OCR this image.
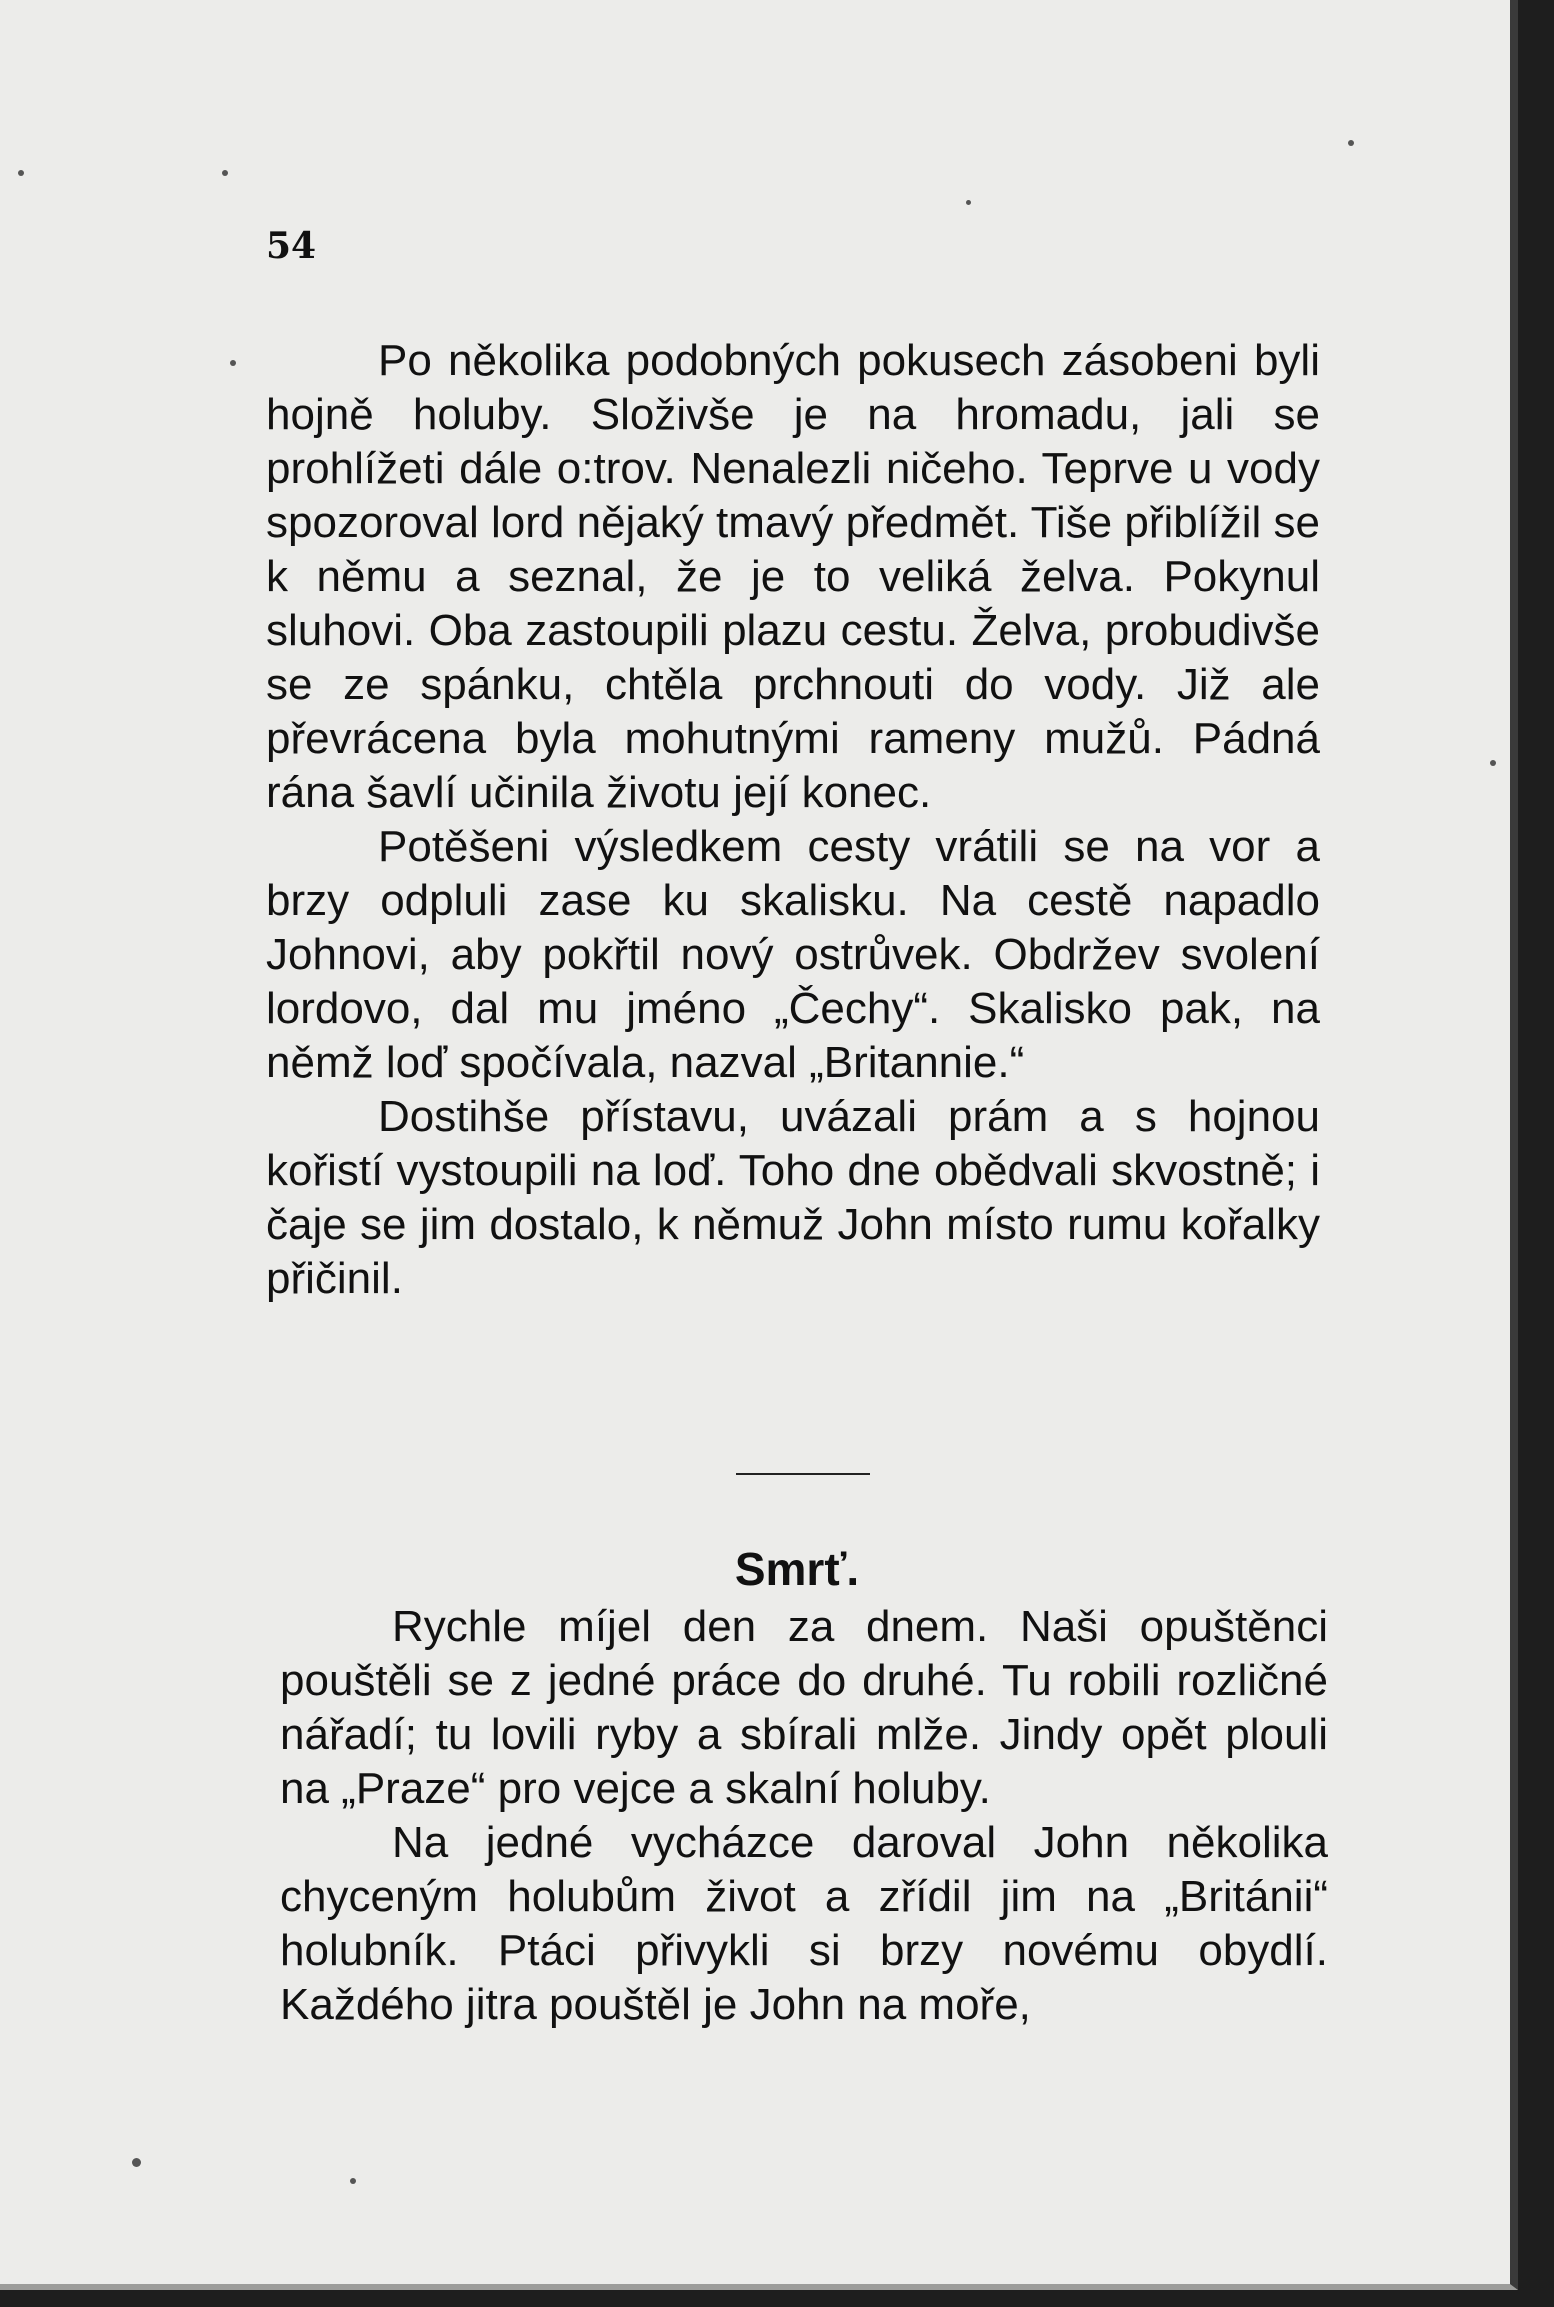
54

Po několika podobných pokusech zásobeni byli hojně holuby. Složivše je na hromadu, jali se prohlížeti dále o:trov. Nenalezli ničeho. Teprve u vody spozoroval lord nějaký tmavý předmět. Tiše přiblížil se k němu a seznal, že je to veliká želva. Pokynul sluhovi. Oba zastoupili plazu cestu. Želva, probudivše se ze spánku, chtěla prchnouti do vody. Již ale převrácena byla mohutnými rameny mužů. Pádná rána šavlí učinila životu její konec.

Potěšeni výsledkem cesty vrátili se na vor a brzy odpluli zase ku skalisku. Na cestě napadlo Johnovi, aby pokřtil nový ostrůvek. Obdržev svolení lordovo, dal mu jméno „Čechy“. Skalisko pak, na němž loď spočívala, nazval „Britannie.“

Dostihše přístavu, uvázali prám a s hojnou kořistí vystoupili na loď. Toho dne obědvali skvostně; i čaje se jim dostalo, k němuž John místo rumu kořalky přičinil.

Smrť.

Rychle míjel den za dnem. Naši opuštěnci pouštěli se z jedné práce do druhé. Tu robili rozličné nářadí; tu lovili ryby a sbírali mlže. Jindy opět plouli na „Praze“ pro vejce a skalní holuby.

Na jedné vycházce daroval John několika chyceným holubům život a zřídil jim na „Británii“ holubník. Ptáci přivykli si brzy novému obydlí. Každého jitra pouštěl je John na moře,
